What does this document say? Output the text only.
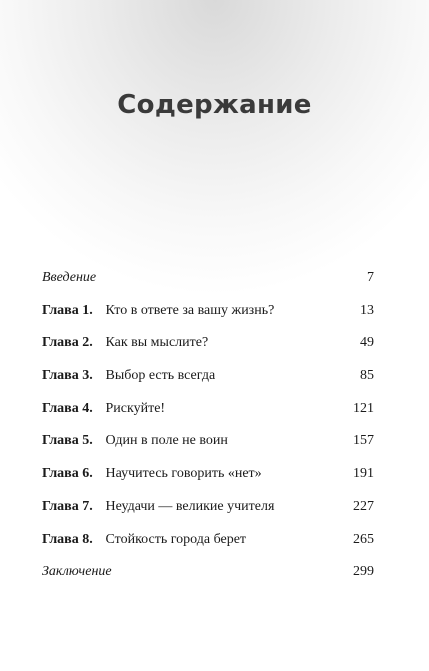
Содержание
Введение	7
Глава 1. Кто в ответе за вашу жизнь?	13
Глава 2. Как вы мыслите?	49
Глава 3. Выбор есть всегда	85
Глава 4. Рискуйте!	121
Глава 5. Один в поле не воин	157
Глава 6. Научитесь говорить «нет»	191
Глава 7. Неудачи — великие учителя	227
Глава 8. Стойкость города берет	265
Заключение	299
